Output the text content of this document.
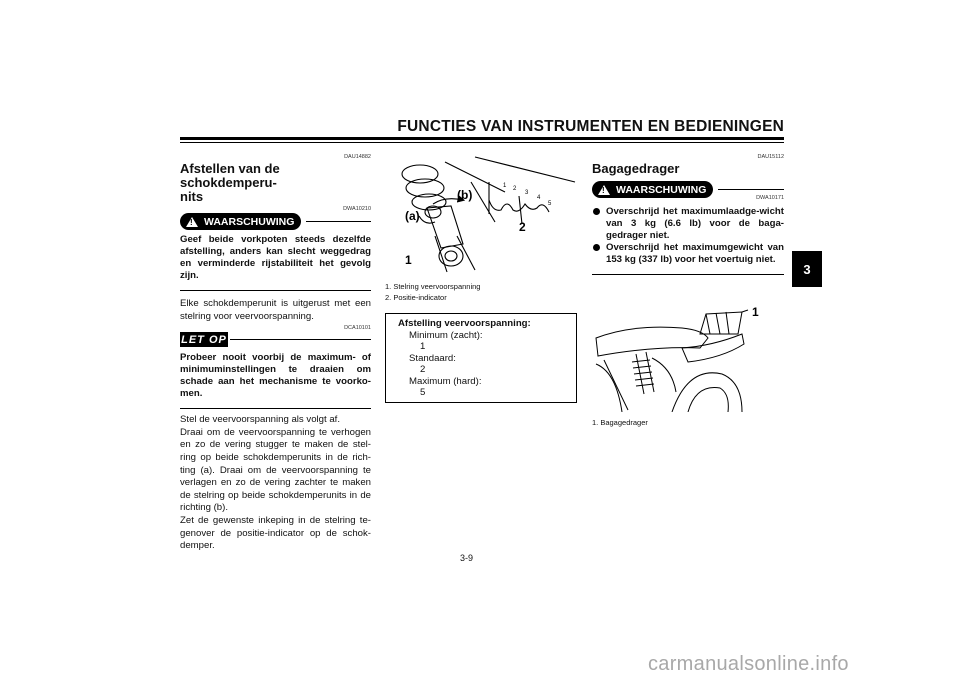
FUNCTIES VAN INSTRUMENTEN EN BEDIENINGEN
3
DAU14882
Afstellen van de schokdemperu-
nits
DWA10210
!
WAARSCHUWING
Geef beide vorkpoten steeds dezelfde afstelling, anders kan slecht weggedrag en verminderde rijstabiliteit het gevolg zijn.
Elke schokdemperunit is uitgerust met een stelring voor veervoorspanning.
DCA10101
LET OP
Probeer nooit voorbij de maximum- of minimuminstellingen te draaien om schade aan het mechanisme te voorko-men.
Stel de veervoorspanning als volgt af.
Draai om de veervoorspanning te verhogen en zo de vering stugger te maken de stel-ring op beide schokdemperunits in de rich-ting (a). Draai om de veervoorspanning te verlagen en zo de vering zachter te maken de stelring op beide schokdemperunits in de richting (b).
Zet de gewenste inkeping in de stelring te-genover de positie-indicator op de schok-demper.
(a)
(b)
1
2
1 2
3
4
5
1. Stelring veervoorspanning
2. Positie-indicator
Afstelling veervoorspanning:
Minimum (zacht):
1
Standaard:
2
Maximum (hard):
5
DAU15112
Bagagedrager
!
WAARSCHUWING
DWA10171
Overschrijd het maximumlaadge-wicht van 3 kg (6.6 lb) voor de baga-gedrager niet.
Overschrijd het maximumgewicht van 153 kg (337 lb) voor het voertuig niet.
1
1. Bagagedrager
3-9
carmanualsonline.info
